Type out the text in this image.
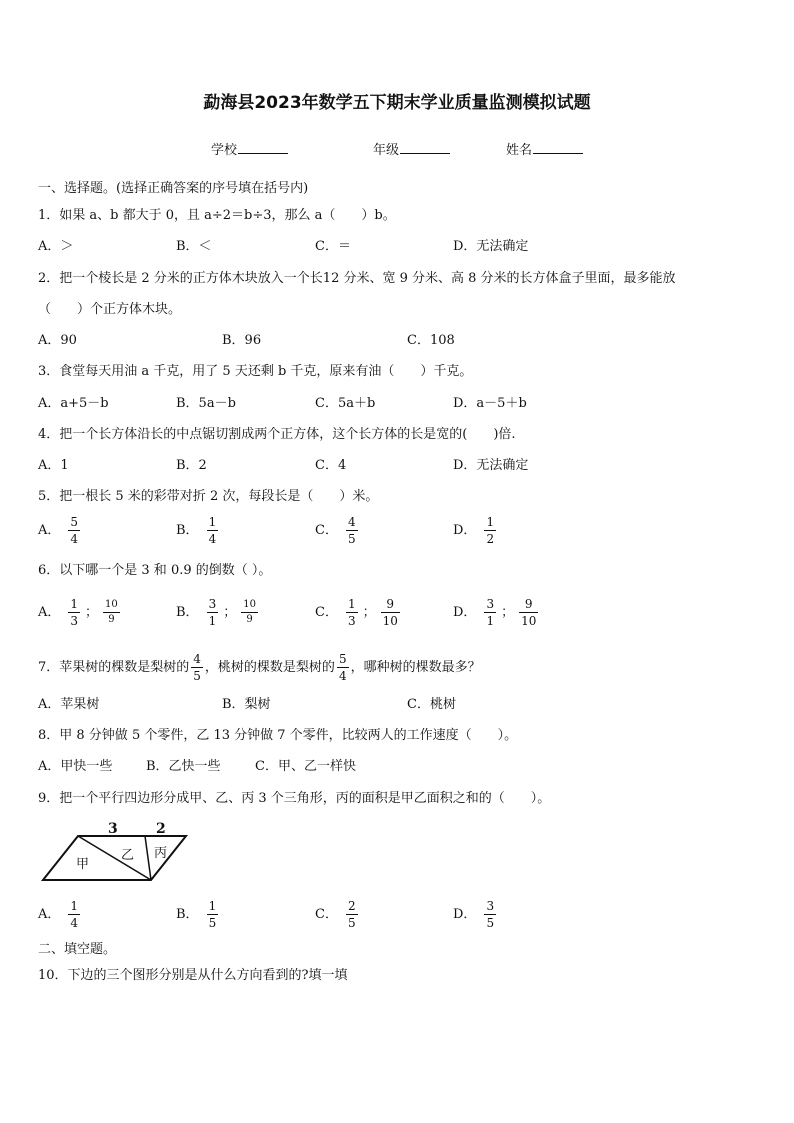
勐海县2023年数学五下期末学业质量监测模拟试题
学校	年级	姓名
一、选择题。(选择正确答案的序号填在括号内)
1．如果 a、b 都大于 0，且 a÷2＝b÷3，那么 a（　　）b。
A．＞	B．＜	C．＝	D．无法确定
2．把一个棱长是 2 分米的正方体木块放入一个长12 分米、宽 9 分米、高 8 分米的长方体盒子里面，最多能放
（　　）个正方体木块。
A．90	B．96	C．108
3．食堂每天用油 a 千克，用了 5 天还剩 b 千克，原来有油（　　）千克。
A．a+5－b	B．5a－b	C．5a＋b	D．a－5＋b
4．把一个长方体沿长的中点锯切割成两个正方体，这个长方体的长是宽的(　　)倍.
A．1	B．2	C．4	D．无法确定
5．把一根长 5 米的彩带对折 2 次，每段长是（　　）米。
A． $\frac{5}{4}$	B． $\frac{1}{4}$	C． $\frac{4}{5}$	D． $\frac{1}{2}$
6．以下哪一个是 3 和 0.9 的倒数（ ）。
A． $\frac{1}{3}$ ； $\frac{10}{9}$	B． $\frac{3}{1}$ ； $\frac{10}{9}$	C． $\frac{1}{3}$ ； $\frac{9}{10}$	D． $\frac{3}{1}$ ； $\frac{9}{10}$
7．苹果树的棵数是梨树的 $\frac{4}{5}$ ，桃树的棵数是梨树的 $\frac{5}{4}$ ，哪种树的棵数最多？
A．苹果树	B．梨树	C．桃树
8．甲 8 分钟做 5 个零件，乙 13 分钟做 7 个零件，比较两人的工作速度（　　）。
A．甲快一些	B．乙快一些	C．甲、乙一样快
9．把一个平行四边形分成甲、乙、丙 3 个三角形，丙的面积是甲乙面积之和的（　　）。
3	2
甲
乙 丙
A． $\frac{1}{4}$	B． $\frac{1}{5}$	C． $\frac{2}{5}$	D． $\frac{3}{5}$
二、填空题。
10．下边的三个图形分别是从什么方向看到的?填一填
